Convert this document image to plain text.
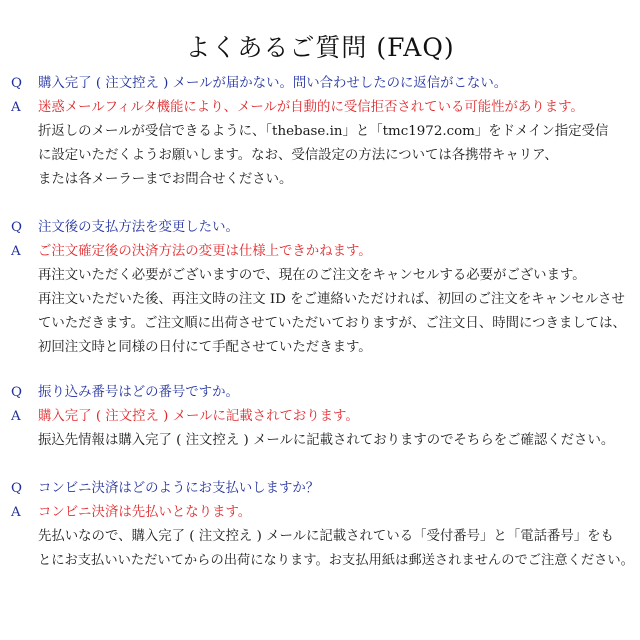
よくあるご質問 (FAQ)
Q 購入完了 ( 注文控え ) メールが届かない。問い合わせしたのに返信がこない。
A	迷惑メールフィルタ機能により、メールが自動的に受信拒否されている可能性があります。
折返しのメールが受信できるように、「thebase.in」と「tmc1972.com」をドメイン指定受信
に設定いただくようお願いします。なお、受信設定の方法については各携帯キャリア、
または各メーラーまでお問合せください。
Q 注文後の支払方法を変更したい。
A	ご注文確定後の決済方法の変更は仕様上できかねます。
再注文いただく必要がございますので、現在のご注文をキャンセルする必要がございます。
再注文いただいた後、再注文時の注文 ID をご連絡いただければ、初回のご注文をキャンセルさせ
ていただきます。ご注文順に出荷させていただいておりますが、ご注文日、時間につきましては、
初回注文時と同様の日付にて手配させていただきます。
Q 振り込み番号はどの番号ですか。
A	購入完了 ( 注文控え ) メールに記載されております。
振込先情報は購入完了 ( 注文控え ) メールに記載されておりますのでそちらをご確認ください。
Q コンビニ決済はどのようにお支払いしますか？
A	コンビニ決済は先払いとなります。
先払いなので、購入完了 ( 注文控え ) メールに記載されている「受付番号」と「電話番号」をも
とにお支払いいただいてからの出荷になります。お支払用紙は郵送されませんのでご注意ください。
